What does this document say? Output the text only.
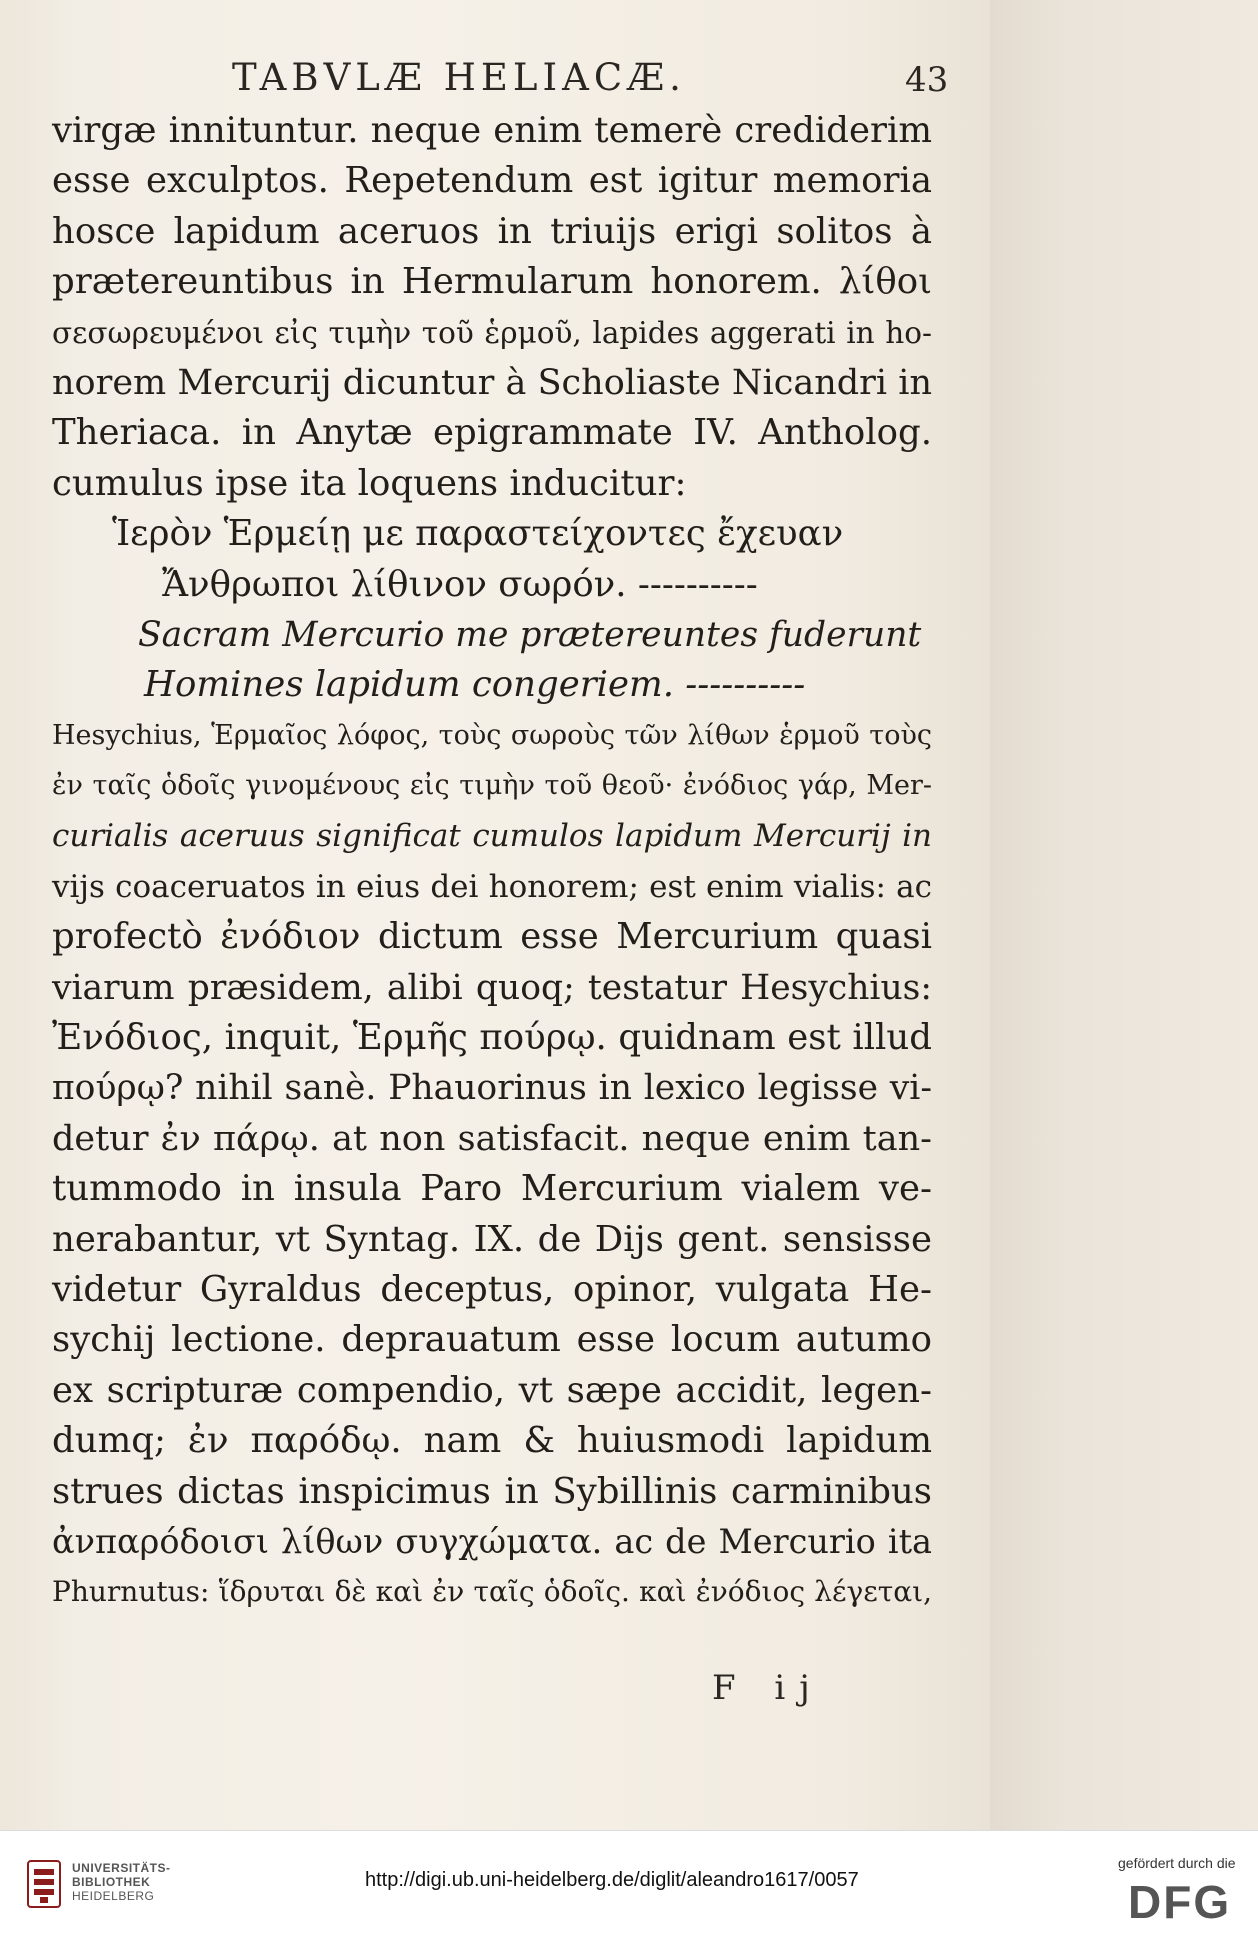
TABVLÆ HELIACÆ.	43
virgæ innituntur. neque enim temerè crediderim
esse exculptos. Repetendum est igitur memoria
hosce lapidum aceruos in triuijs erigi solitos à
prætereuntibus in Hermularum honorem. λίθοι
σεσωρευμένοι εἰς τιμὴν τοῦ ἑρμοῦ, lapides aggerati in ho-
norem Mercurij dicuntur à Scholiaste Nicandri in
Theriaca. in Anytæ epigrammate IV. Antholog.
cumulus ipse ita loquens inducitur:
Ἱερὸν Ἑρμείῃ με παραστείχοντες ἔχευαν
Ἄνθρωποι λίθινον σωρόν. ----------
Sacram Mercurio me prætereuntes fuderunt
Homines lapidum congeriem. ----------
Hesychius, Ἑρμαῖος λόφος, τοὺς σωροὺς τῶν λίθων ἑρμοῦ τοὺς
ἐν ταῖς ὁδοῖς γινομένους εἰς τιμὴν τοῦ θεοῦ· ἐνόδιος γάρ, Mer-
curialis aceruus significat cumulos lapidum Mercurij in
vijs coaceruatos in eius dei honorem; est enim vialis: ac
profectò ἐνόδιον dictum esse Mercurium quasi
viarum præsidem, alibi quoq; testatur Hesychius:
Ἐνόδιος, inquit, Ἑρμῆς πούρῳ. quidnam est illud
πούρῳ? nihil sanè. Phauorinus in lexico legisse vi-
detur ἐν πάρῳ. at non satisfacit. neque enim tan-
tummodo in insula Paro Mercurium vialem ve-
nerabantur, vt Syntag. IX. de Dijs gent. sensisse
videtur Gyraldus deceptus, opinor, vulgata He-
sychij lectione. deprauatum esse locum autumo
ex scripturæ compendio, vt sæpe accidit, legen-
dumq; ἐν παρόδῳ. nam & huiusmodi lapidum
strues dictas inspicimus in Sybillinis carminibus
ἀνπαρόδοισι λίθων συγχώματα. ac de Mercurio ita
Phurnutus: ἵδρυται δὲ καὶ ἐν ταῖς ὁδοῖς. καὶ ἐνόδιος λέγεται,
F ij
UNIVERSITÄTS-
BIBLIOTHEK
HEIDELBERG
http://digi.ub.uni-heidelberg.de/diglit/aleandro1617/0057
gefördert durch die
DFG
